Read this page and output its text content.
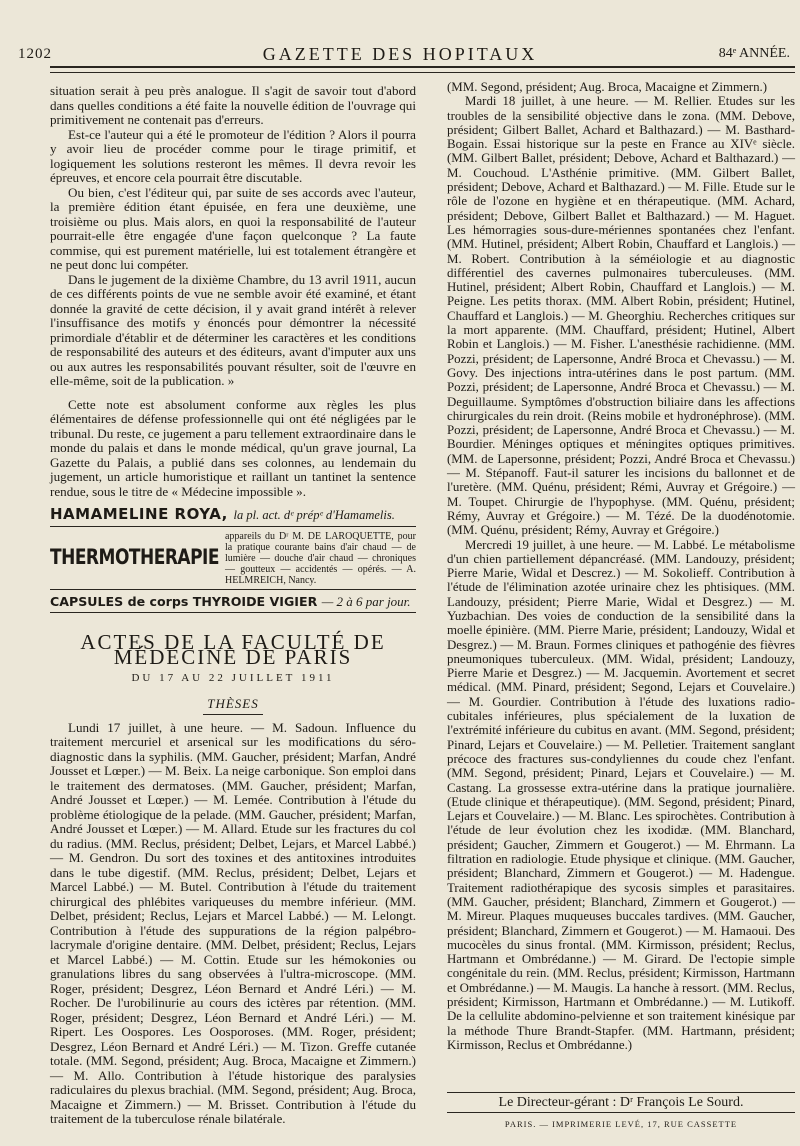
1202	GAZETTE DES HOPITAUX	84ᵉ ANNÉE.

situation serait à peu près analogue. Il s'agit de savoir tout d'abord dans quelles conditions a été faite la nouvelle édition de l'ouvrage qui primitivement ne contenait pas d'erreurs.

Est-ce l'auteur qui a été le promoteur de l'édition ? Alors il pourra y avoir lieu de procéder comme pour le tirage primitif, et logiquement les solutions resteront les mêmes. Il devra revoir les épreuves, et encore cela pourrait être discutable.

Ou bien, c'est l'éditeur qui, par suite de ses accords avec l'auteur, la première édition étant épuisée, en fera une deuxième, une troisième ou plus. Mais alors, en quoi la responsabilité de l'auteur pourrait-elle être engagée d'une façon quelconque ? La faute commise, qui est purement matérielle, lui est totalement étrangère et ne peut donc lui compéter.

Dans le jugement de la dixième Chambre, du 13 avril 1911, aucun de ces différents points de vue ne semble avoir été examiné, et étant donnée la gravité de cette décision, il y avait grand intérêt à relever l'insuffisance des motifs y énoncés pour démontrer la nécessité primordiale d'établir et de déterminer les caractères et les conditions de responsabilité des auteurs et des éditeurs, avant d'imputer aux uns ou aux autres les responsabilités pouvant résulter, soit de l'œuvre en elle-même, soit de la publication. »

Cette note est absolument conforme aux règles les plus élémentaires de défense professionnelle qui ont été négligées par le tribunal. Du reste, ce jugement a paru tellement extraordinaire dans le monde du palais et dans le monde médical, qu'un grave journal, La Gazette du Palais, a publié dans ses colonnes, au lendemain du jugement, un article humoristique et raillant un tantinet la sentence rendue, sous le titre de « Médecine impossible ».

HAMAMELINE ROYA, la pl. act. dᵉ prépᵉ d'Hamamelis.
THERMOTHERAPIE
appareils du Dʳ M. DE LAROQUETTE, pour la pratique courante bains d'air chaud — de lumière — douche d'air chaud — chroniques — goutteux — accidentés — opérés. — A. HELMREICH, Nancy.
CAPSULES de corps THYROIDE VIGIER — 2 à 6 par jour.
ACTES DE LA FACULTÉ DE MÉDECINE DE PARIS
DU 17 AU 22 JUILLET 1911
THÈSES

Lundi 17 juillet, à une heure. — M. Sadoun. Influence du traitement mercuriel et arsenical sur les modifications du séro-diagnostic dans la syphilis. (MM. Gaucher, président; Marfan, André Jousset et Lœper.) — M. Beix. La neige carbonique. Son emploi dans le traitement des dermatoses. (MM. Gaucher, président; Marfan, André Jousset et Lœper.) — M. Lemée. Contribution à l'étude du problème étiologique de la pelade. (MM. Gaucher, président; Marfan, André Jousset et Lœper.) — M. Allard. Etude sur les fractures du col du radius. (MM. Reclus, président; Delbet, Lejars, et Marcel Labbé.) — M. Gendron. Du sort des toxines et des antitoxines introduites dans le tube digestif. (MM. Reclus, président; Delbet, Lejars et Marcel Labbé.) — M. Butel. Contribution à l'étude du traitement chirurgical des phlébites variqueuses du membre inférieur. (MM. Delbet, président; Reclus, Lejars et Marcel Labbé.) — M. Lelongt. Contribution à l'étude des suppurations de la région palpébro-lacrymale d'origine dentaire. (MM. Delbet, président; Reclus, Lejars et Marcel Labbé.) — M. Cottin. Etude sur les hémokonies ou granulations libres du sang observées à l'ultra-microscope. (MM. Roger, président; Desgrez, Léon Bernard et André Léri.) — M. Rocher. De l'urobilinurie au cours des ictères par rétention. (MM. Roger, président; Desgrez, Léon Bernard et André Léri.) — M. Ripert. Les Oospores. Les Oosporoses. (MM. Roger, président; Desgrez, Léon Bernard et André Léri.) — M. Tizon. Greffe cutanée totale. (MM. Segond, président; Aug. Broca, Macaigne et Zimmern.) — M. Allo. Contribution à l'étude historique des paralysies radiculaires du plexus brachial. (MM. Segond, président; Aug. Broca, Macaigne et Zimmern.) — M. Brisset. Contribution à l'étude du traitement de la tuberculose rénale bilatérale.

(MM. Segond, président; Aug. Broca, Macaigne et Zimmern.)

Mardi 18 juillet, à une heure. — M. Rellier. Etudes sur les troubles de la sensibilité objective dans le zona. (MM. Debove, président; Gilbert Ballet, Achard et Balthazard.) — M. Basthard-Bogain. Essai historique sur la peste en France au XIVᵉ siècle. (MM. Gilbert Ballet, président; Debove, Achard et Balthazard.) — M. Couchoud. L'Asthénie primitive. (MM. Gilbert Ballet, président; Debove, Achard et Balthazard.) — M. Fille. Etude sur le rôle de l'ozone en hygiène et en thérapeutique. (MM. Achard, président; Debove, Gilbert Ballet et Balthazard.) — M. Haguet. Les hémorragies sous-dure-mériennes spontanées chez l'enfant. (MM. Hutinel, président; Albert Robin, Chauffard et Langlois.) — M. Robert. Contribution à la séméiologie et au diagnostic différentiel des cavernes pulmonaires tuberculeuses. (MM. Hutinel, président; Albert Robin, Chauffard et Langlois.) — M. Peigne. Les petits thorax. (MM. Albert Robin, président; Hutinel, Chauffard et Langlois.) — M. Gheorghiu. Recherches critiques sur la mort apparente. (MM. Chauffard, président; Hutinel, Albert Robin et Langlois.) — M. Fisher. L'anesthésie rachidienne. (MM. Pozzi, président; de Lapersonne, André Broca et Chevassu.) — M. Govy. Des injections intra-utérines dans le post partum. (MM. Pozzi, président; de Lapersonne, André Broca et Chevassu.) — M. Deguillaume. Symptômes d'obstruction biliaire dans les affections chirurgicales du rein droit. (Reins mobile et hydronéphrose). (MM. Pozzi, président; de Lapersonne, André Broca et Chevassu.) — M. Bourdier. Méninges optiques et méningites optiques primitives. (MM. de Lapersonne, président; Pozzi, André Broca et Chevassu.) — M. Stépanoff. Faut-il saturer les incisions du ballonnet et de l'uretère. (MM. Quénu, président; Rémi, Auvray et Grégoire.) — M. Toupet. Chirurgie de l'hypophyse. (MM. Quénu, président; Rémy, Auvray et Grégoire.) — M. Tézé. De la duodénotomie. (MM. Quénu, président; Rémy, Auvray et Grégoire.)

Mercredi 19 juillet, à une heure. — M. Labbé. Le métabolisme d'un chien partiellement dépancréasé. (MM. Landouzy, président; Pierre Marie, Widal et Descrez.) — M. Sokolieff. Contribution à l'étude de l'élimination azotée urinaire chez les phtisiques. (MM. Landouzy, président; Pierre Marie, Widal et Desgrez.) — M. Yuzbachian. Des voies de conduction de la sensibilité dans la moelle épinière. (MM. Pierre Marie, président; Landouzy, Widal et Desgrez.) — M. Braun. Formes cliniques et pathogénie des fièvres pneumoniques tuberculeux. (MM. Widal, président; Landouzy, Pierre Marie et Desgrez.) — M. Jacquemin. Avortement et secret médical. (MM. Pinard, président; Segond, Lejars et Couvelaire.) — M. Gourdier. Contribution à l'étude des luxations radio-cubitales inférieures, plus spécialement de la luxation de l'extrémité inférieure du cubitus en avant. (MM. Segond, président; Pinard, Lejars et Couvelaire.) — M. Pelletier. Traitement sanglant précoce des fractures sus-condyliennes du coude chez l'enfant. (MM. Segond, président; Pinard, Lejars et Couvelaire.) — M. Castang. La grossesse extra-utérine dans la pratique journalière. (Etude clinique et thérapeutique). (MM. Segond, président; Pinard, Lejars et Couvelaire.) — M. Blanc. Les spirochètes. Contribution à l'étude de leur évolution chez les ixodidæ. (MM. Blanchard, président; Gaucher, Zimmern et Gougerot.) — M. Ehrmann. La filtration en radiologie. Etude physique et clinique. (MM. Gaucher, président; Blanchard, Zimmern et Gougerot.) — M. Hadengue. Traitement radiothérapique des sycosis simples et parasitaires. (MM. Gaucher, président; Blanchard, Zimmern et Gougerot.) — M. Mireur. Plaques muqueuses buccales tardives. (MM. Gaucher, président; Blanchard, Zimmern et Gougerot.) — M. Hamaoui. Des mucocèles du sinus frontal. (MM. Kirmisson, président; Reclus, Hartmann et Ombrédanne.) — M. Girard. De l'ectopie simple congénitale du rein. (MM. Reclus, président; Kirmisson, Hartmann et Ombrédanne.) — M. Maugis. La hanche à ressort. (MM. Reclus, président; Kirmisson, Hartmann et Ombrédanne.) — M. Lutikoff. De la cellulite abdomino-pelvienne et son traitement kinésique par la méthode Thure Brandt-Stapfer. (MM. Hartmann, président; Kirmisson, Reclus et Ombrédanne.)

Le Directeur-gérant : Dʳ François Le Sourd.
PARIS. — IMPRIMERIE LEVÉ, 17, RUE CASSETTE
